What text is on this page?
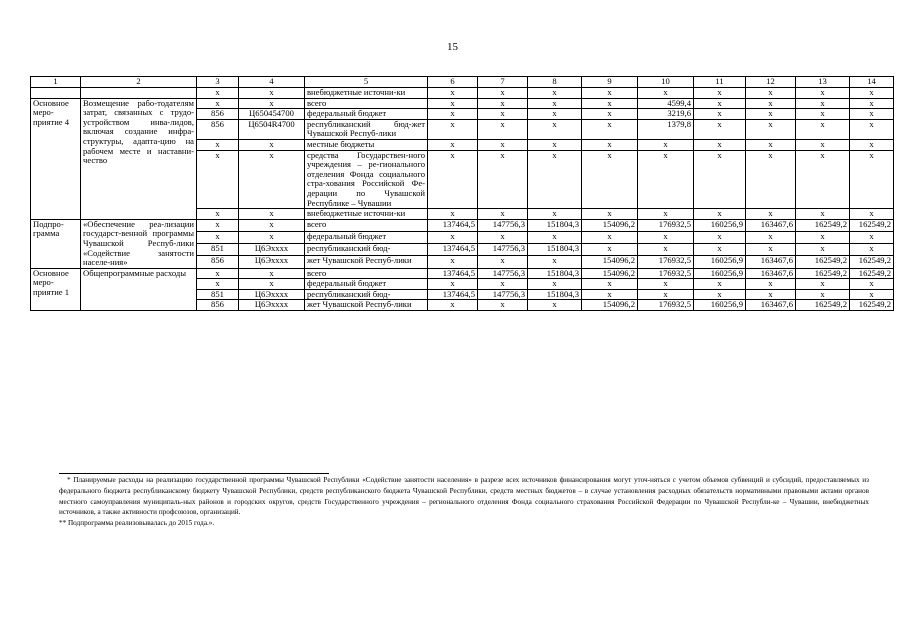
15
1	2	3	4	5	6	7	8	9	10	11	12	13	14
		x	x	внебюджетные источни-ки	x	x	x	x	x	x	x	x	x
Основное меро-приятие 4	Возмещение рабо-тодателям затрат, связанных с трудо-устройством инва-лидов, включая создание инфра-структуры, адапта-цию на рабочем месте и наставни-чество	x	x	всего	x	x	x	x	4599,4	x	x	x	x
		856	Ц650454700	федеральный бюджет	x	x	x	x	3219,6	x	x	x	x
		856	Ц6504R4700	республиканский бюд-жет Чувашской Респуб-лики	x	x	x	x	1379,8	x	x	x	x
		x	x	местные бюджеты	x	x	x	x	x	x	x	x	x
		x	x	средства Государствен-ного учреждения – ре-гионального отделения Фонда социального стра-хования Российской Фе-дерации по Чувашской Республике – Чувашии	x	x	x	x	x	x	x	x	x
		x	x	внебюджетные источни-ки	x	x	x	x	x	x	x	x	x
Подпро-грамма	«Обеспечение реа-лизации государст-венной программы Чувашской Респуб-лики «Содействие занятости населе-ния»	x	x	всего	137464,5	147756,3	151804,3	154096,2	176932,5	160256,9	163467,6	162549,2	162549,2
		x	x	федеральный бюджет	x	x	x	x	x	x	x	x	x
		851	Ц6Эxxxx	республиканский бюд-	137464,5	147756,3	151804,3	x	x	x	x	x	x
		856	Ц6Эxxxx	жет Чувашской Респуб-лики	x	x	x	154096,2	176932,5	160256,9	163467,6	162549,2	162549,2
Основное меро-приятие 1	Общепрограммные расходы	x	x	всего	137464,5	147756,3	151804,3	154096,2	176932,5	160256,9	163467,6	162549,2	162549,2
		x	x	федеральный бюджет	x	x	x	x	x	x	x	x	x
		851	Ц6Эxxxx	республиканский бюд-	137464,5	147756,3	151804,3	x	x	x	x	x	x
		856	Ц6Эxxxx	жет Чувашской Респуб-лики	x	x	x	154096,2	176932,5	160256,9	163467,6	162549,2	162549,2

* Планируемые расходы на реализацию государственной программы Чувашской Республики «Содействие занятости населения» в разрезе всех источников финансирования могут уточ-няться с учетом объемов субвенций и субсидий, предоставляемых из федерального бюджета республиканскому бюджету Чувашской Республики, средств республиканского бюджета Чувашской Республики, средств местных бюджетов – в случае установления расходных обязательств нормативными правовыми актами органов местного самоуправления муниципаль-ных районов и городских округов, средств Государственного учреждения – регионального отделения Фонда социального страхования Российской Федерации по Чувашской Республи-ке – Чувашии, внебюджетных источников, а также активности профсоюзов, организаций.

** Подпрограмма реализовывалась до 2015 года.».
